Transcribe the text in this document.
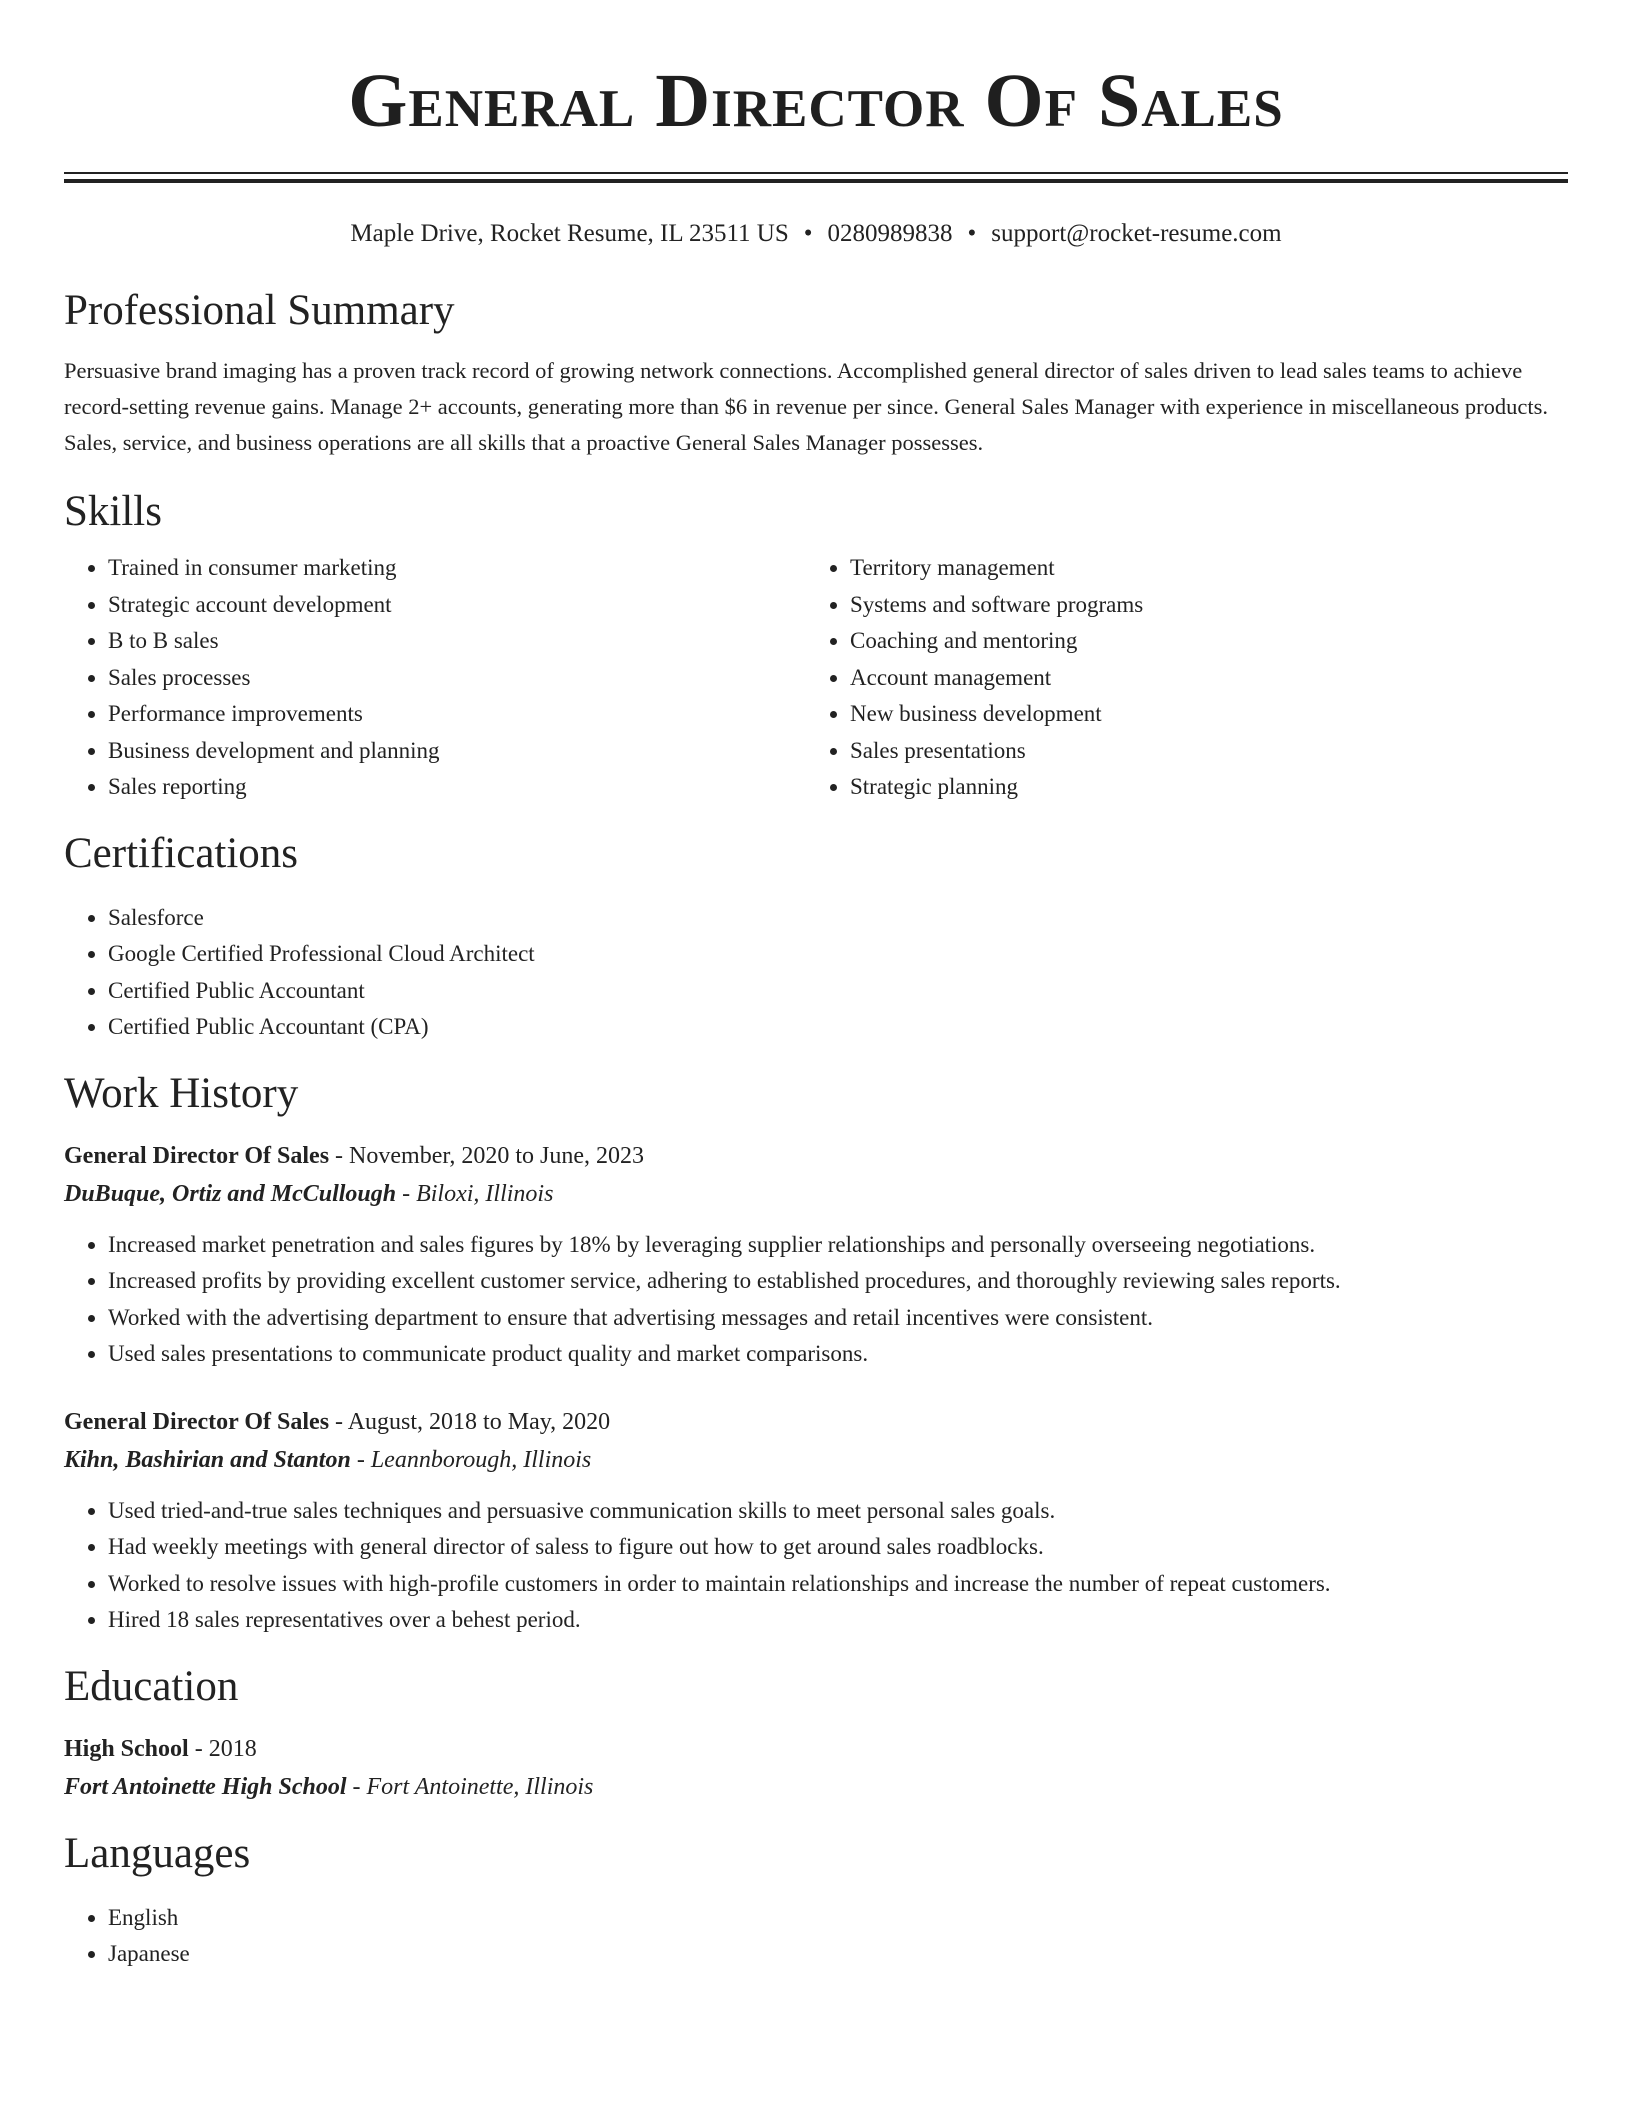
General Director Of Sales
Maple Drive, Rocket Resume, IL 23511 US • 0280989838 • support@rocket-resume.com
Professional Summary

Persuasive brand imaging has a proven track record of growing network connections. Accomplished general director of sales driven to lead sales teams to achieve record-setting revenue gains. Manage 2+ accounts, generating more than $6 in revenue per since. General Sales Manager with experience in miscellaneous products. Sales, service, and business operations are all skills that a proactive General Sales Manager possesses.

Skills
• Trained in consumer marketing
• Strategic account development
• B to B sales
• Sales processes
• Performance improvements
• Business development and planning
• Sales reporting
• Territory management
• Systems and software programs
• Coaching and mentoring
• Account management
• New business development
• Sales presentations
• Strategic planning
Certifications
• Salesforce
• Google Certified Professional Cloud Architect
• Certified Public Accountant
• Certified Public Accountant (CPA)
Work History
General Director Of Sales - November, 2020 to June, 2023
DuBuque, Ortiz and McCullough - Biloxi, Illinois
• Increased market penetration and sales figures by 18% by leveraging supplier relationships and personally overseeing negotiations.
• Increased profits by providing excellent customer service, adhering to established procedures, and thoroughly reviewing sales reports.
• Worked with the advertising department to ensure that advertising messages and retail incentives were consistent.
• Used sales presentations to communicate product quality and market comparisons.
General Director Of Sales - August, 2018 to May, 2020
Kihn, Bashirian and Stanton - Leannborough, Illinois
• Used tried-and-true sales techniques and persuasive communication skills to meet personal sales goals.
• Had weekly meetings with general director of saless to figure out how to get around sales roadblocks.
• Worked to resolve issues with high-profile customers in order to maintain relationships and increase the number of repeat customers.
• Hired 18 sales representatives over a behest period.
Education
High School - 2018
Fort Antoinette High School - Fort Antoinette, Illinois
Languages
• English
• Japanese
